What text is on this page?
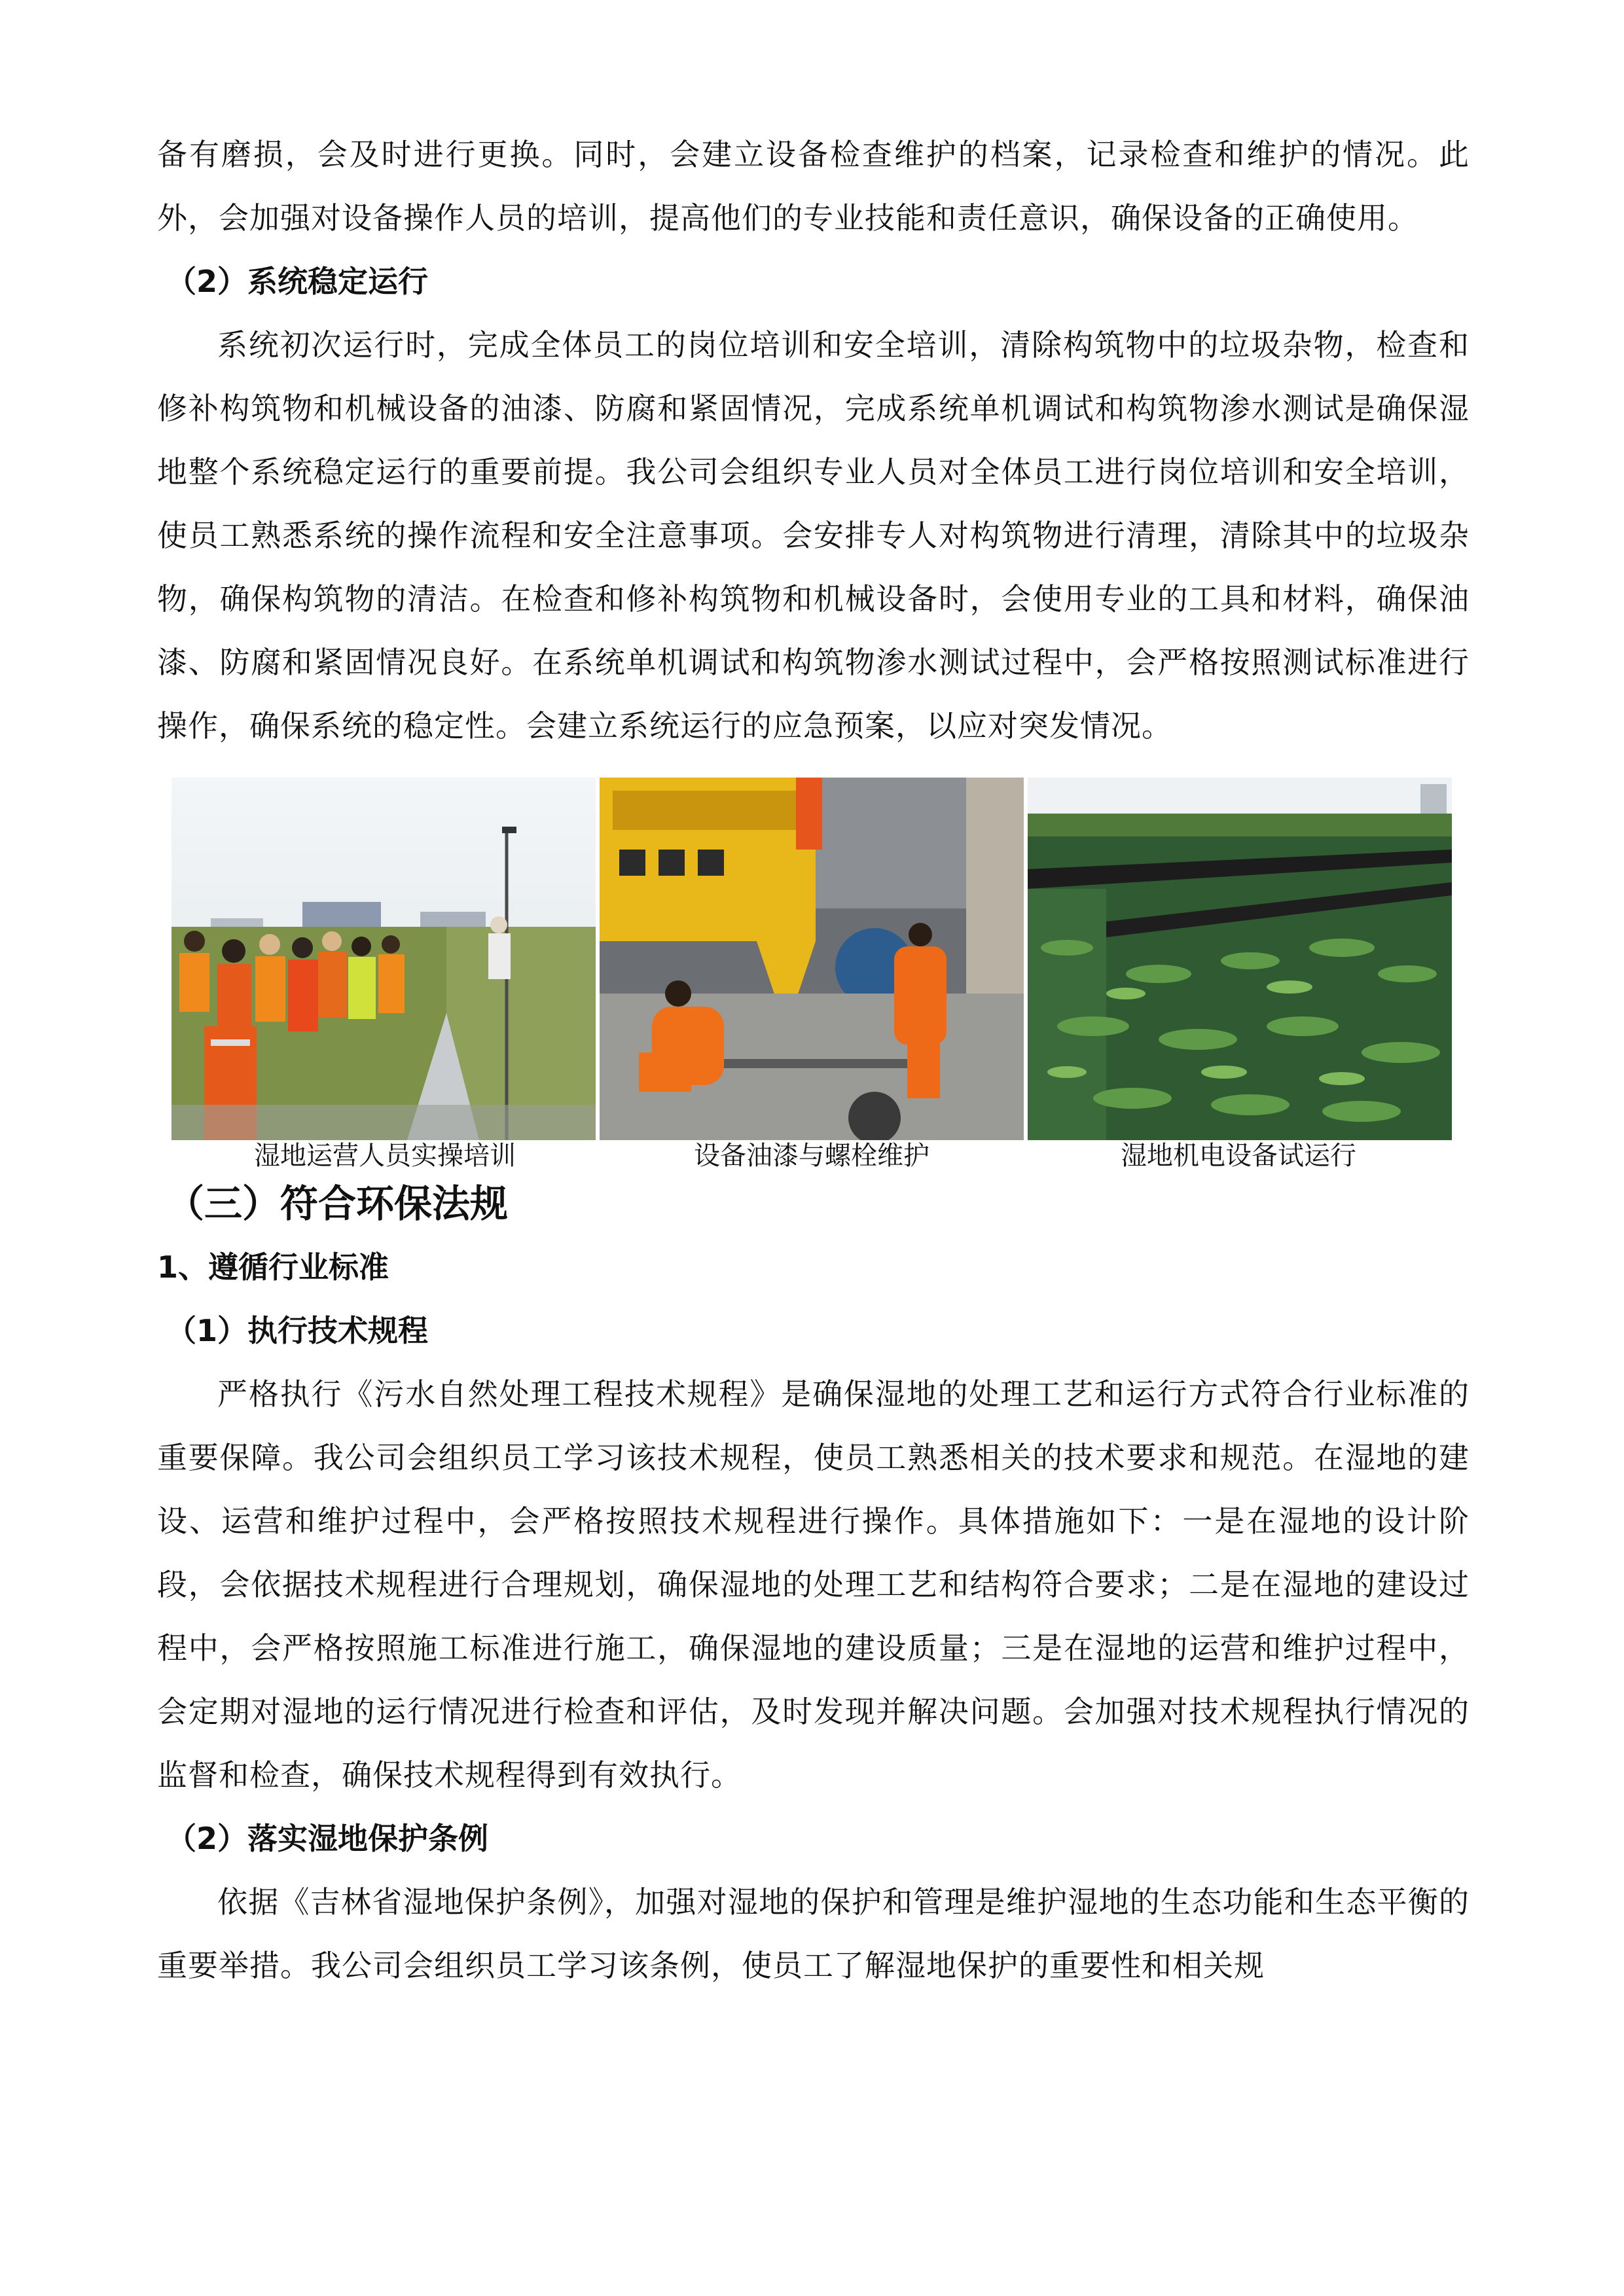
备有磨损，会及时进行更换。同时，会建立设备检查维护的档案，记录检查和维护的情况。此外，会加强对设备操作人员的培训，提高他们的专业技能和责任意识，确保设备的正确使用。

（2）系统稳定运行

系统初次运行时，完成全体员工的岗位培训和安全培训，清除构筑物中的垃圾杂物，检查和修补构筑物和机械设备的油漆、防腐和紧固情况，完成系统单机调试和构筑物渗水测试是确保湿地整个系统稳定运行的重要前提。我公司会组织专业人员对全体员工进行岗位培训和安全培训，使员工熟悉系统的操作流程和安全注意事项。会安排专人对构筑物进行清理，清除其中的垃圾杂物，确保构筑物的清洁。在检查和修补构筑物和机械设备时，会使用专业的工具和材料，确保油漆、防腐和紧固情况良好。在系统单机调试和构筑物渗水测试过程中，会严格按照测试标准进行操作，确保系统的稳定性。会建立系统运行的应急预案，以应对突发情况。

湿地运营人员实操培训	设备油漆与螺栓维护	湿地机电设备试运行

（三）符合环保法规

1、遵循行业标准

（1）执行技术规程

严格执行《污水自然处理工程技术规程》是确保湿地的处理工艺和运行方式符合行业标准的重要保障。我公司会组织员工学习该技术规程，使员工熟悉相关的技术要求和规范。在湿地的建设、运营和维护过程中，会严格按照技术规程进行操作。具体措施如下：一是在湿地的设计阶段，会依据技术规程进行合理规划，确保湿地的处理工艺和结构符合要求；二是在湿地的建设过程中，会严格按照施工标准进行施工，确保湿地的建设质量；三是在湿地的运营和维护过程中，会定期对湿地的运行情况进行检查和评估，及时发现并解决问题。会加强对技术规程执行情况的监督和检查，确保技术规程得到有效执行。

（2）落实湿地保护条例

依据《吉林省湿地保护条例》，加强对湿地的保护和管理是维护湿地的生态功能和生态平衡的重要举措。我公司会组织员工学习该条例，使员工了解湿地保护的重要性和相关规
